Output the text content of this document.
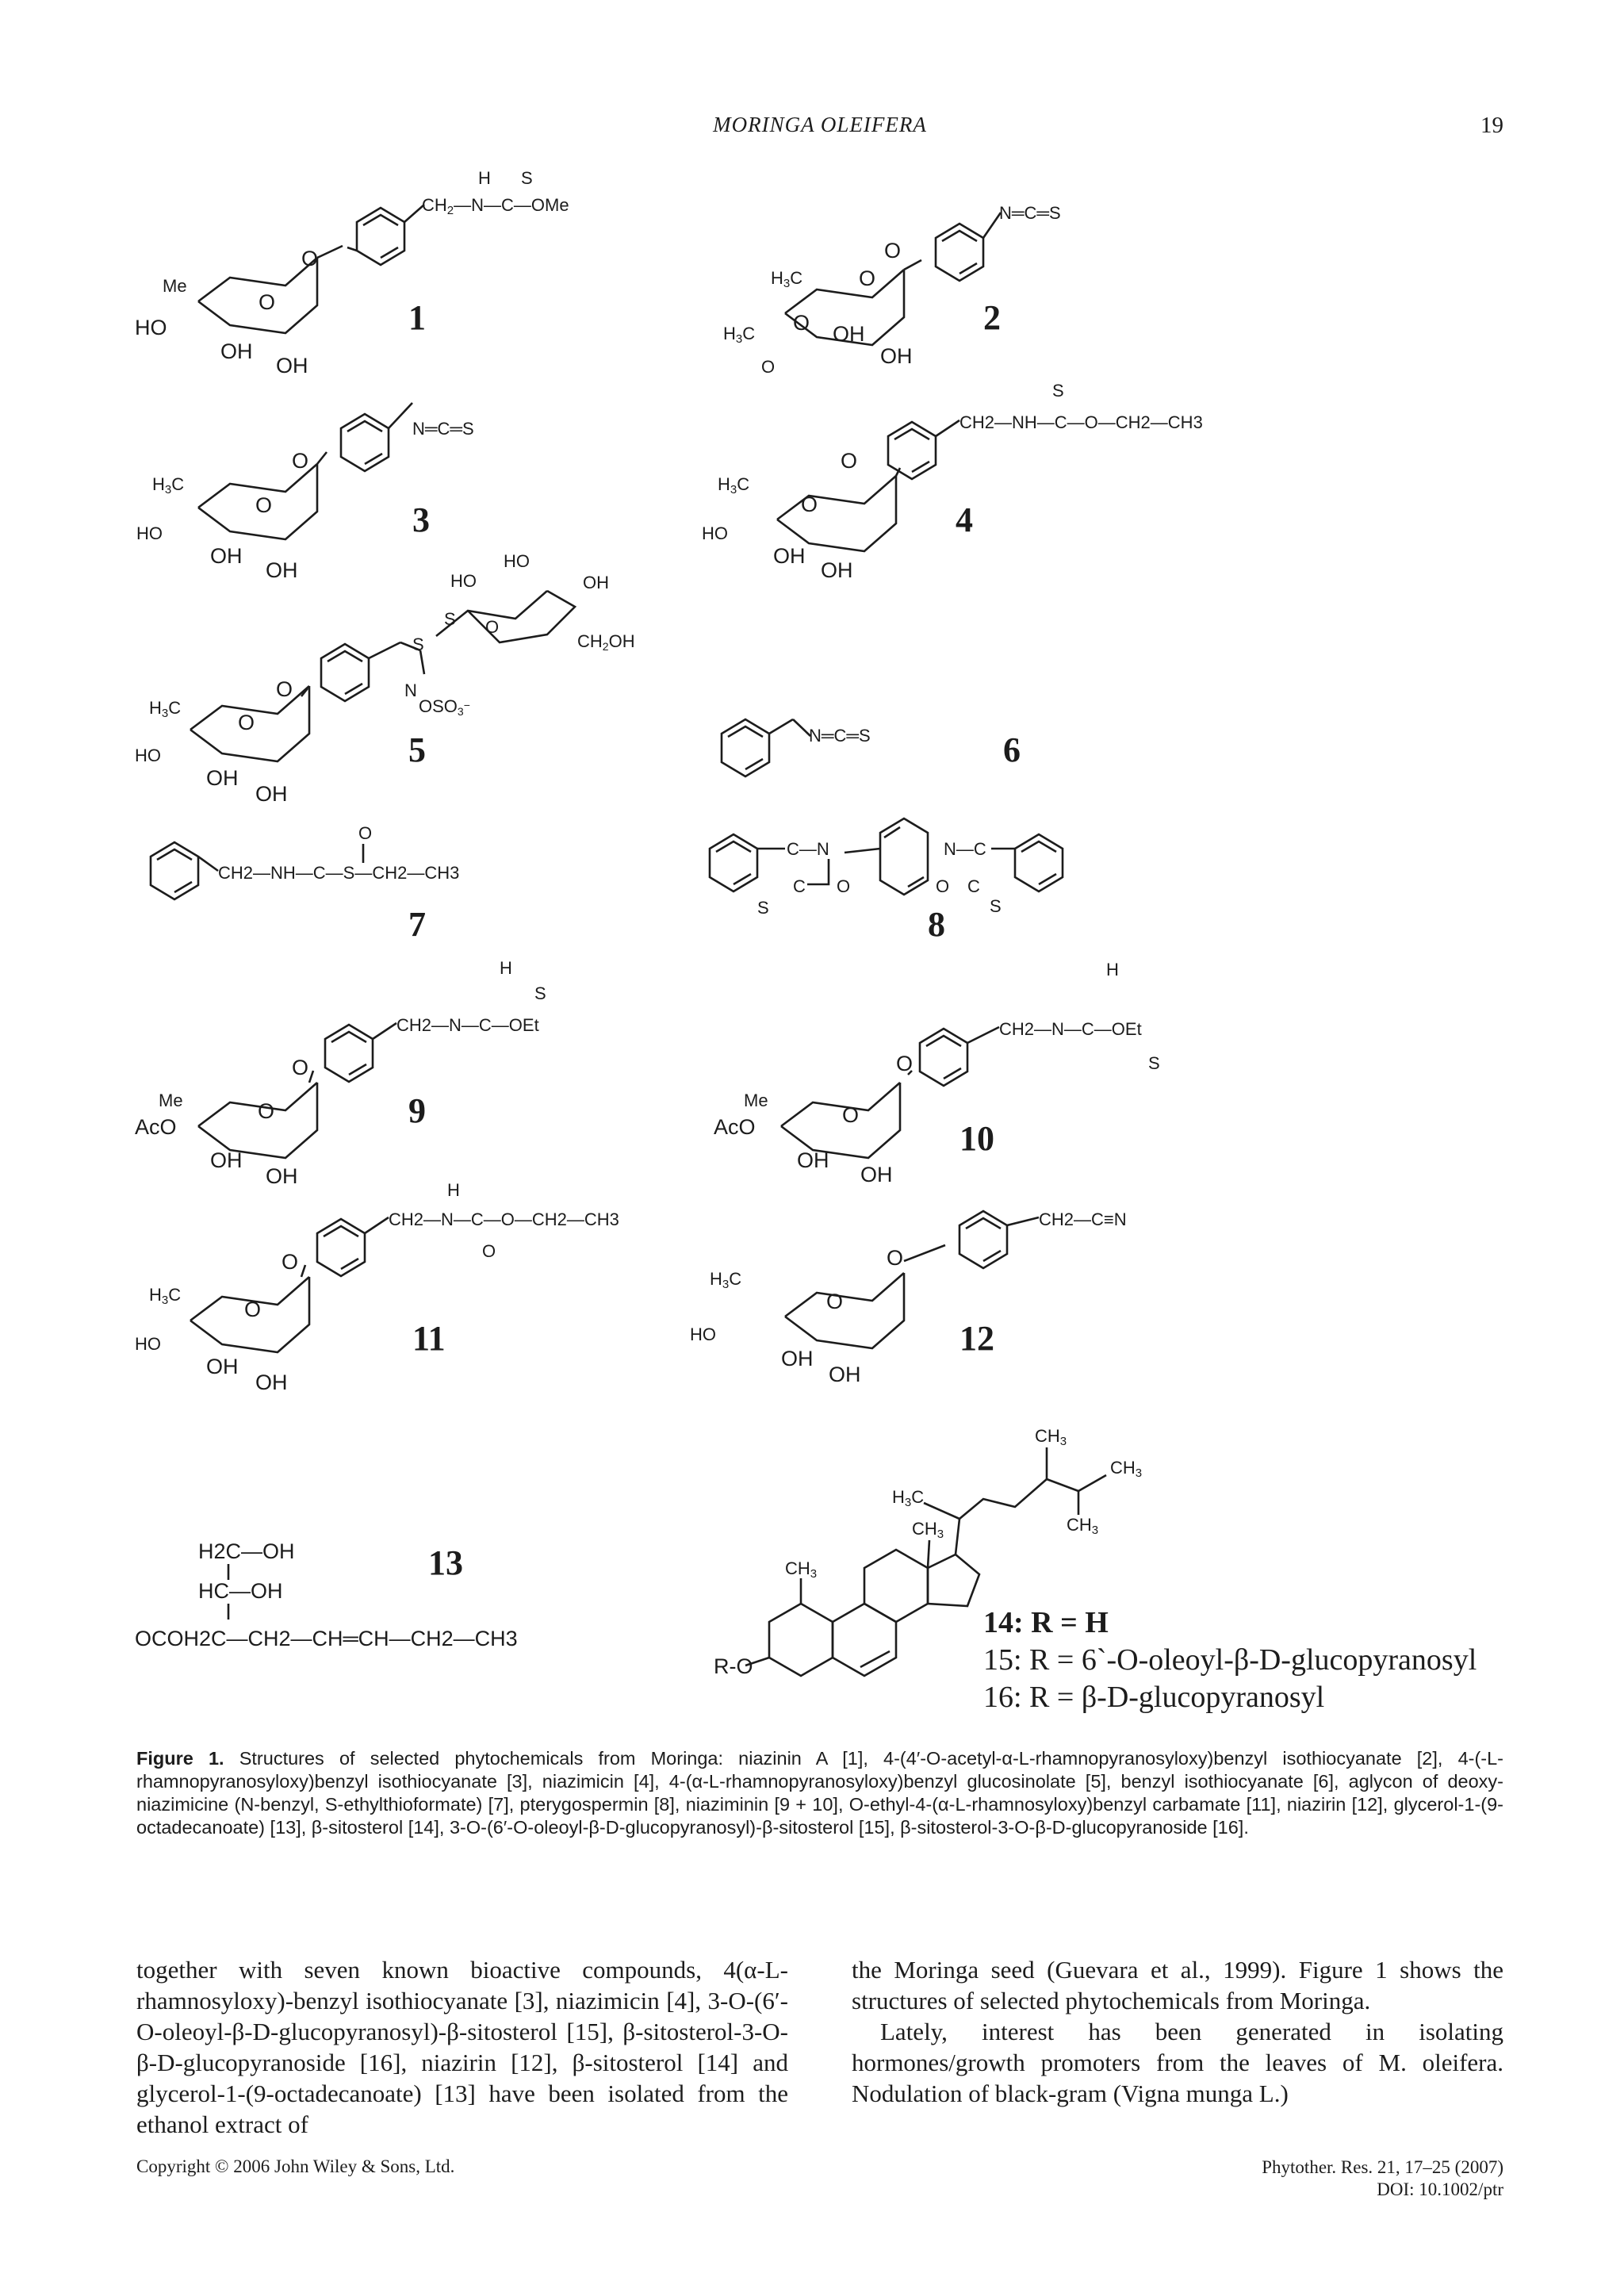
MORINGA OLEIFERA	19
CH2—N—C—OMe
H S
O
O
Me
HO
OH
OH
1
N═C═S
O
O
H3C
H3C O
O
OH
OH
2
N═C═S
O
O
H3C
HO
OH
OH
3
CH2—NH—C—O—CH2—CH3
S
O
O
H3C
HO
OH
OH
4
N
OSO3−
S
O
S
HO
HO
OH
CH2OH
O
O
H3C
HO
OH
OH
5	N═C═S	6
CH2—NH—C—S—CH2—CH3
O
7
C—N
C
S
O
N—C
O C
S
8
CH2—N—C—OEt
H
S
O
O
Me
AcO
OH
OH
9
CH2—N—C—OEt
H
S
O
O
Me
AcO
OH
OH
10
CH2—N—C—O—CH2—CH3
H
O
O
O
H3C
HO
OH
OH
11
CH2—C≡N
O
O
H3C
HO
OH
OH
12
H2C—OH
HC—OH
OCOH2C—CH2—CH═CH—CH2—CH3
13
R-O
CH3
CH3
H3C
CH3
CH3
CH3
14: R = H
15: R = 6`-O-oleoyl-β-D-glucopyranosyl
16: R = β-D-glucopyranosyl
Figure 1. Structures of selected phytochemicals from Moringa: niazinin A [1], 4-(4′-O-acetyl-α-L-rhamnopyranosyloxy)benzyl isothiocyanate [2], 4-(-L-rhamnopyranosyloxy)benzyl isothiocyanate [3], niazimicin [4], 4-(α-L-rhamnopyranosyloxy)benzyl glucosinolate [5], benzyl isothiocyanate [6], aglycon of deoxy-niazimicine (N-benzyl, S-ethylthioformate) [7], pterygospermin [8], niaziminin [9 + 10], O-ethyl-4-(α-L-rhamnosyloxy)benzyl carbamate [11], niazirin [12], glycerol-1-(9-octadecanoate) [13], β-sitosterol [14], 3-O-(6′-O-oleoyl-β-D-glucopyranosyl)-β-sitosterol [15], β-sitosterol-3-O-β-D-glucopyranoside [16].

together with seven known bioactive compounds, 4(α-L-rhamnosyloxy)-benzyl isothiocyanate [3], niazimicin [4], 3-O-(6′-O-oleoyl-β-D-glucopyranosyl)-β-sitosterol [15], β-sitosterol-3-O-β-D-glucopyranoside [16], niazirin [12], β-sitosterol [14] and glycerol-1-(9-octadecanoate) [13] have been isolated from the ethanol extract of

the Moringa seed (Guevara et al., 1999). Figure 1 shows the structures of selected phytochemicals from Moringa.

Lately, interest has been generated in isolating hormones/growth promoters from the leaves of M. oleifera. Nodulation of black-gram (Vigna munga L.)

Copyright © 2006 John Wiley & Sons, Ltd.	Phytother. Res. 21, 17–25 (2007)
DOI: 10.1002/ptr
